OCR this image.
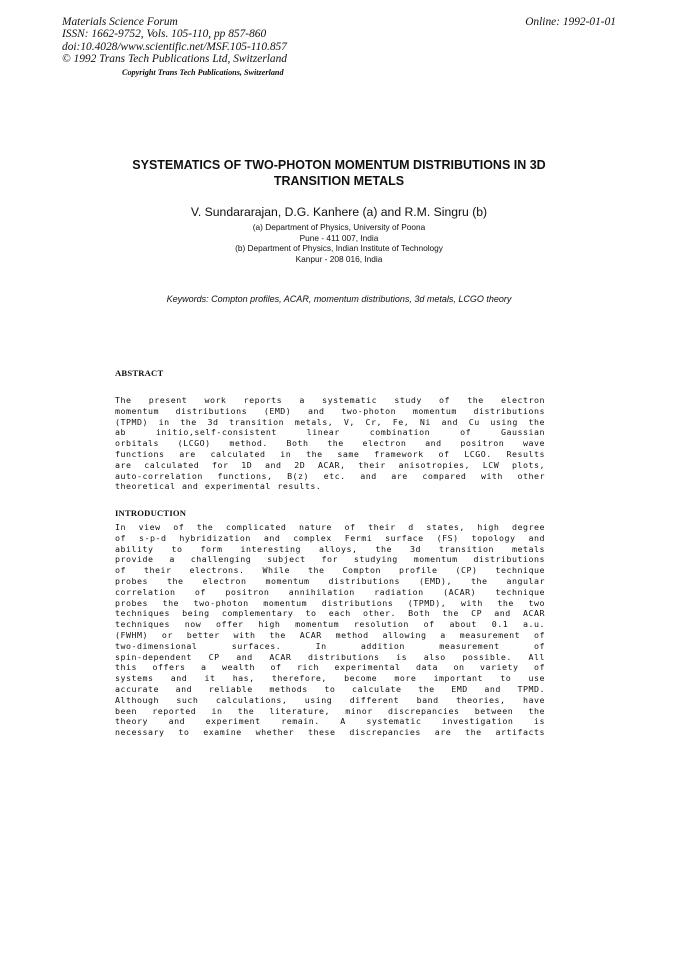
Materials Science Forum
ISSN: 1662-9752, Vols. 105-110, pp 857-860
doi:10.4028/www.scientific.net/MSF.105-110.857
© 1992 Trans Tech Publications Ltd, Switzerland
Online: 1992-01-01
Copyright Trans Tech Publications, Switzerland
SYSTEMATICS OF TWO-PHOTON MOMENTUM DISTRIBUTIONS IN 3D
TRANSITION METALS
V. Sundararajan, D.G. Kanhere (a) and R.M. Singru (b)
(a) Department of Physics, University of Poona
Pune - 411 007, India
(b) Department of Physics, Indian Institute of Technology
Kanpur - 208 016, India
Keywords: Compton profiles, ACAR, momentum distributions, 3d metals, LCGO theory
ABSTRACT
The present work reports a systematic study of the electron
momentum distributions (EMD) and two-photon momentum distributions
(TPMD) in the 3d transition metals, V, Cr, Fe, Ni and Cu using the
ab initio,self-consistent linear combination of Gaussian
orbitals (LCGO) method. Both the electron and positron wave
functions are calculated in the same framework of LCGO. Results
are calculated for 1D and 2D ACAR, their anisotropies, LCW plots,
auto-correlation functions, B(z) etc. and are compared with other
theoretical and experimental results.
INTRODUCTION
In view of the complicated nature of their d states, high degree
of s-p-d hybridization and complex Fermi surface (FS) topology and
ability to form interesting alloys, the 3d transition metals
provide a challenging subject for studying momentum distributions
of their electrons. While the Compton profile (CP) technique
probes the electron momentum distributions (EMD), the angular
correlation of positron annihilation radiation (ACAR) technique
probes the two-photon momentum distributions (TPMD), with the two
techniques being complementary to each other. Both the CP and ACAR
techniques now offer high momentum resolution of about 0.1 a.u.
(FWHM) or better with the ACAR method allowing a measurement of
two-dimensional surfaces. In addition measurement of
spin-dependent CP and ACAR distributions is also possible. All
this offers a wealth of rich experimental data on variety of
systems and it has, therefore, become more important to use
accurate and reliable methods to calculate the EMD and TPMD.
Although such calculations, using different band theories, have
been reported in the literature, minor discrepancies between the
theory and experiment remain. A systematic investigation is
necessary to examine whether these discrepancies are the artifacts
